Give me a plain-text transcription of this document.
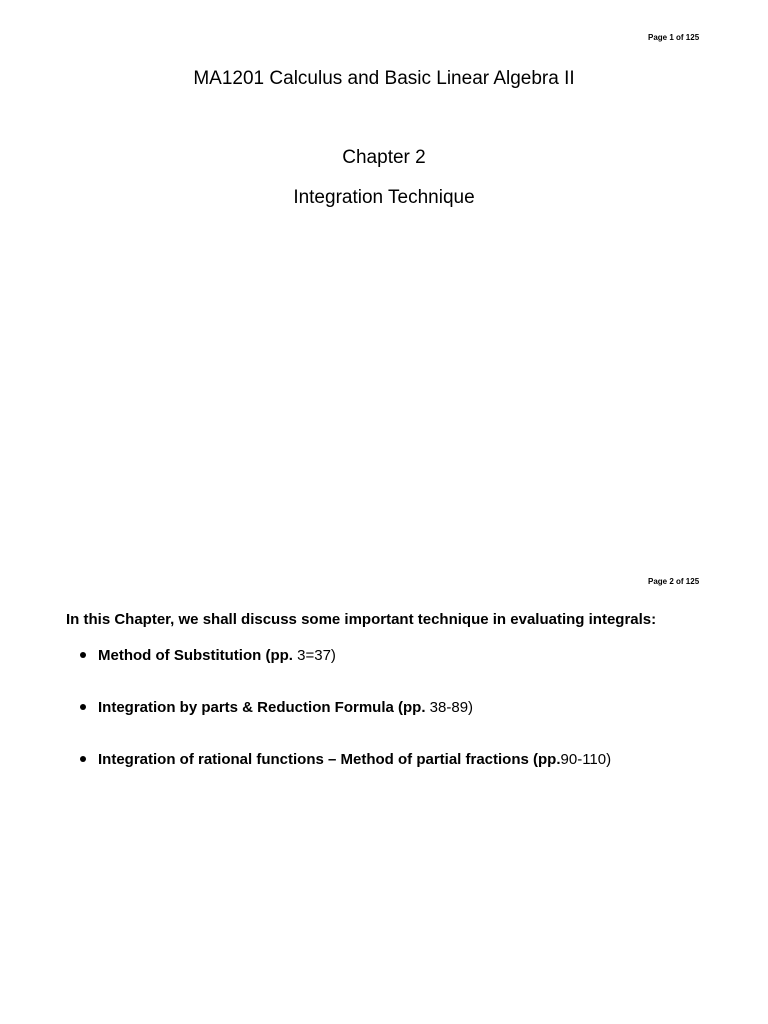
Page 1 of 125
MA1201 Calculus and Basic Linear Algebra II
Chapter 2
Integration Technique
Page 2 of 125
In this Chapter, we shall discuss some important technique in evaluating integrals:
Method of Substitution (pp. 3=37)
Integration by parts & Reduction Formula (pp. 38-89)
Integration of rational functions – Method of partial fractions (pp.90-110)
